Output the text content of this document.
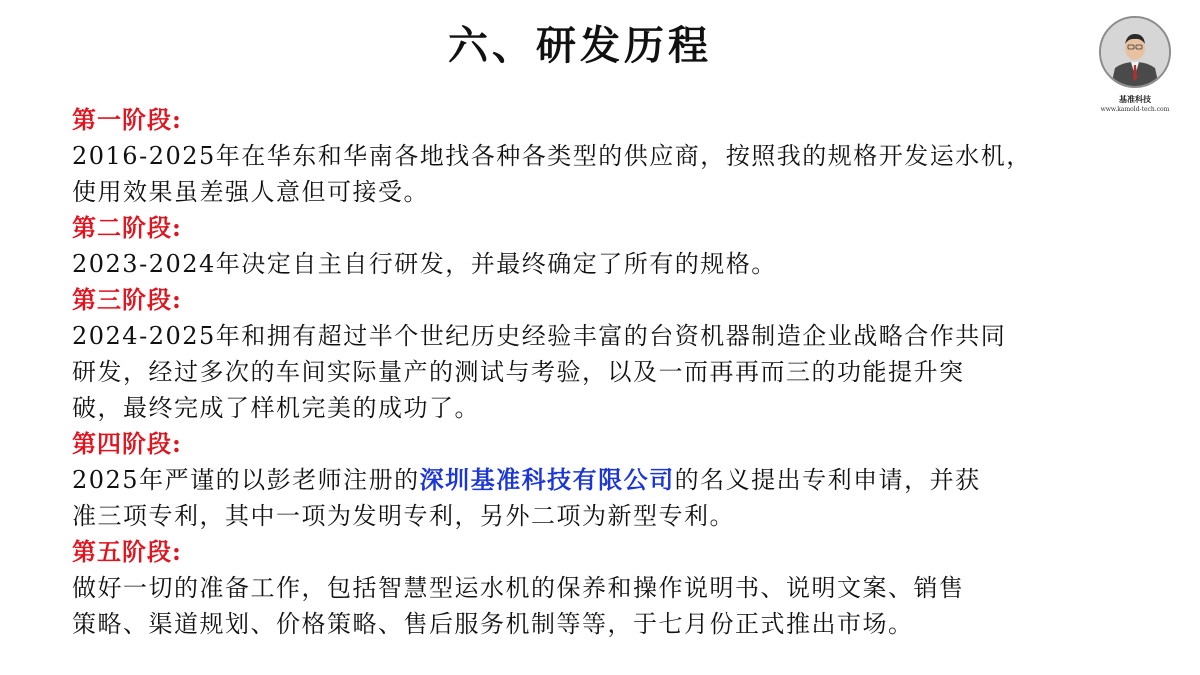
六、研发历程
基准科技
www.kamold-tech.com

第一阶段:

2016-2025年在华东和华南各地找各种各类型的供应商，按照我的规格开发运水机，

使用效果虽差强人意但可接受。

第二阶段:

2023-2024年决定自主自行研发，并最终确定了所有的规格。

第三阶段:

2024-2025年和拥有超过半个世纪历史经验丰富的台资机器制造企业战略合作共同

研发，经过多次的车间实际量产的测试与考验，以及一而再再而三的功能提升突

破，最终完成了样机完美的成功了。

第四阶段:

2025年严谨的以彭老师注册的深圳基准科技有限公司的名义提出专利申请，并获

准三项专利，其中一项为发明专利，另外二项为新型专利。

第五阶段:

做好一切的准备工作，包括智慧型运水机的保养和操作说明书、说明文案、销售

策略、渠道规划、价格策略、售后服务机制等等，于七月份正式推出市场。
